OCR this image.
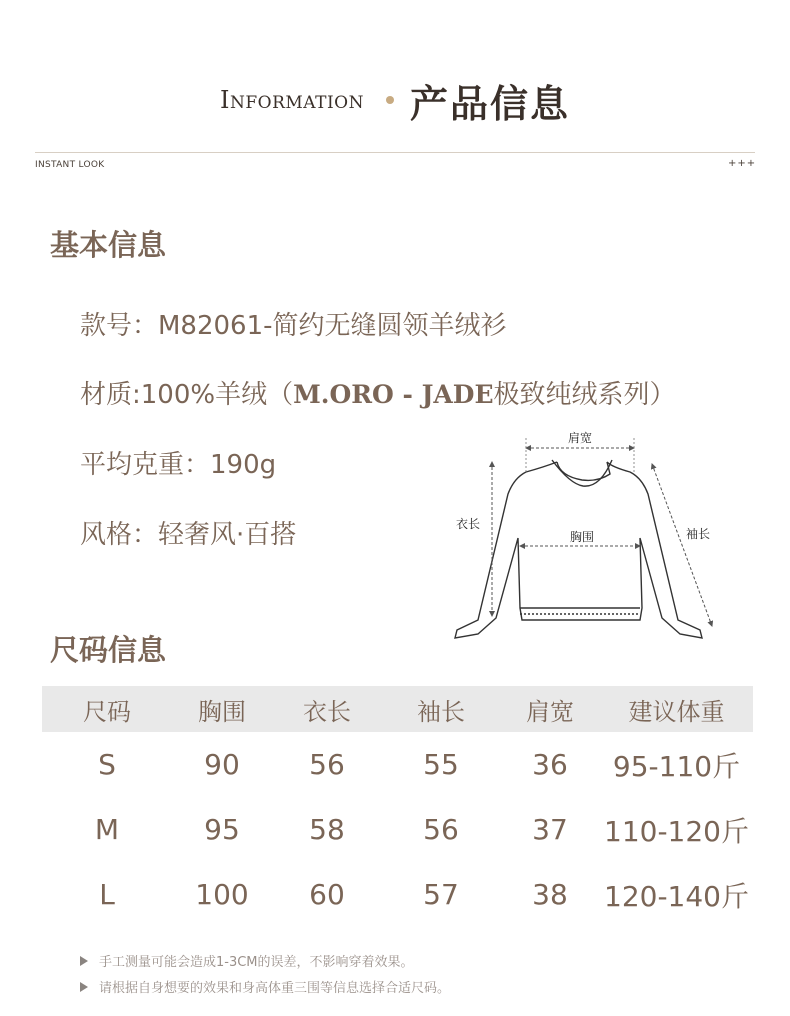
Information 产品信息
INSTANT LOOK	+++
基本信息
款号：M82061-简约无缝圆领羊绒衫
材质:100%羊绒（M.ORO - JADE极致纯绒系列）
平均克重：190g
风格：轻奢风·百搭
肩宽
衣长
胸围	袖长
尺码信息
尺码	胸围	衣长	袖长	肩宽	建议体重
S	90	56	55	36	95-110斤
M	95	58	56	37	110-120斤
L	100	60	57	38	120-140斤
手工测量可能会造成1-3CM的误差，不影响穿着效果。
请根据自身想要的效果和身高体重三围等信息选择合适尺码。
